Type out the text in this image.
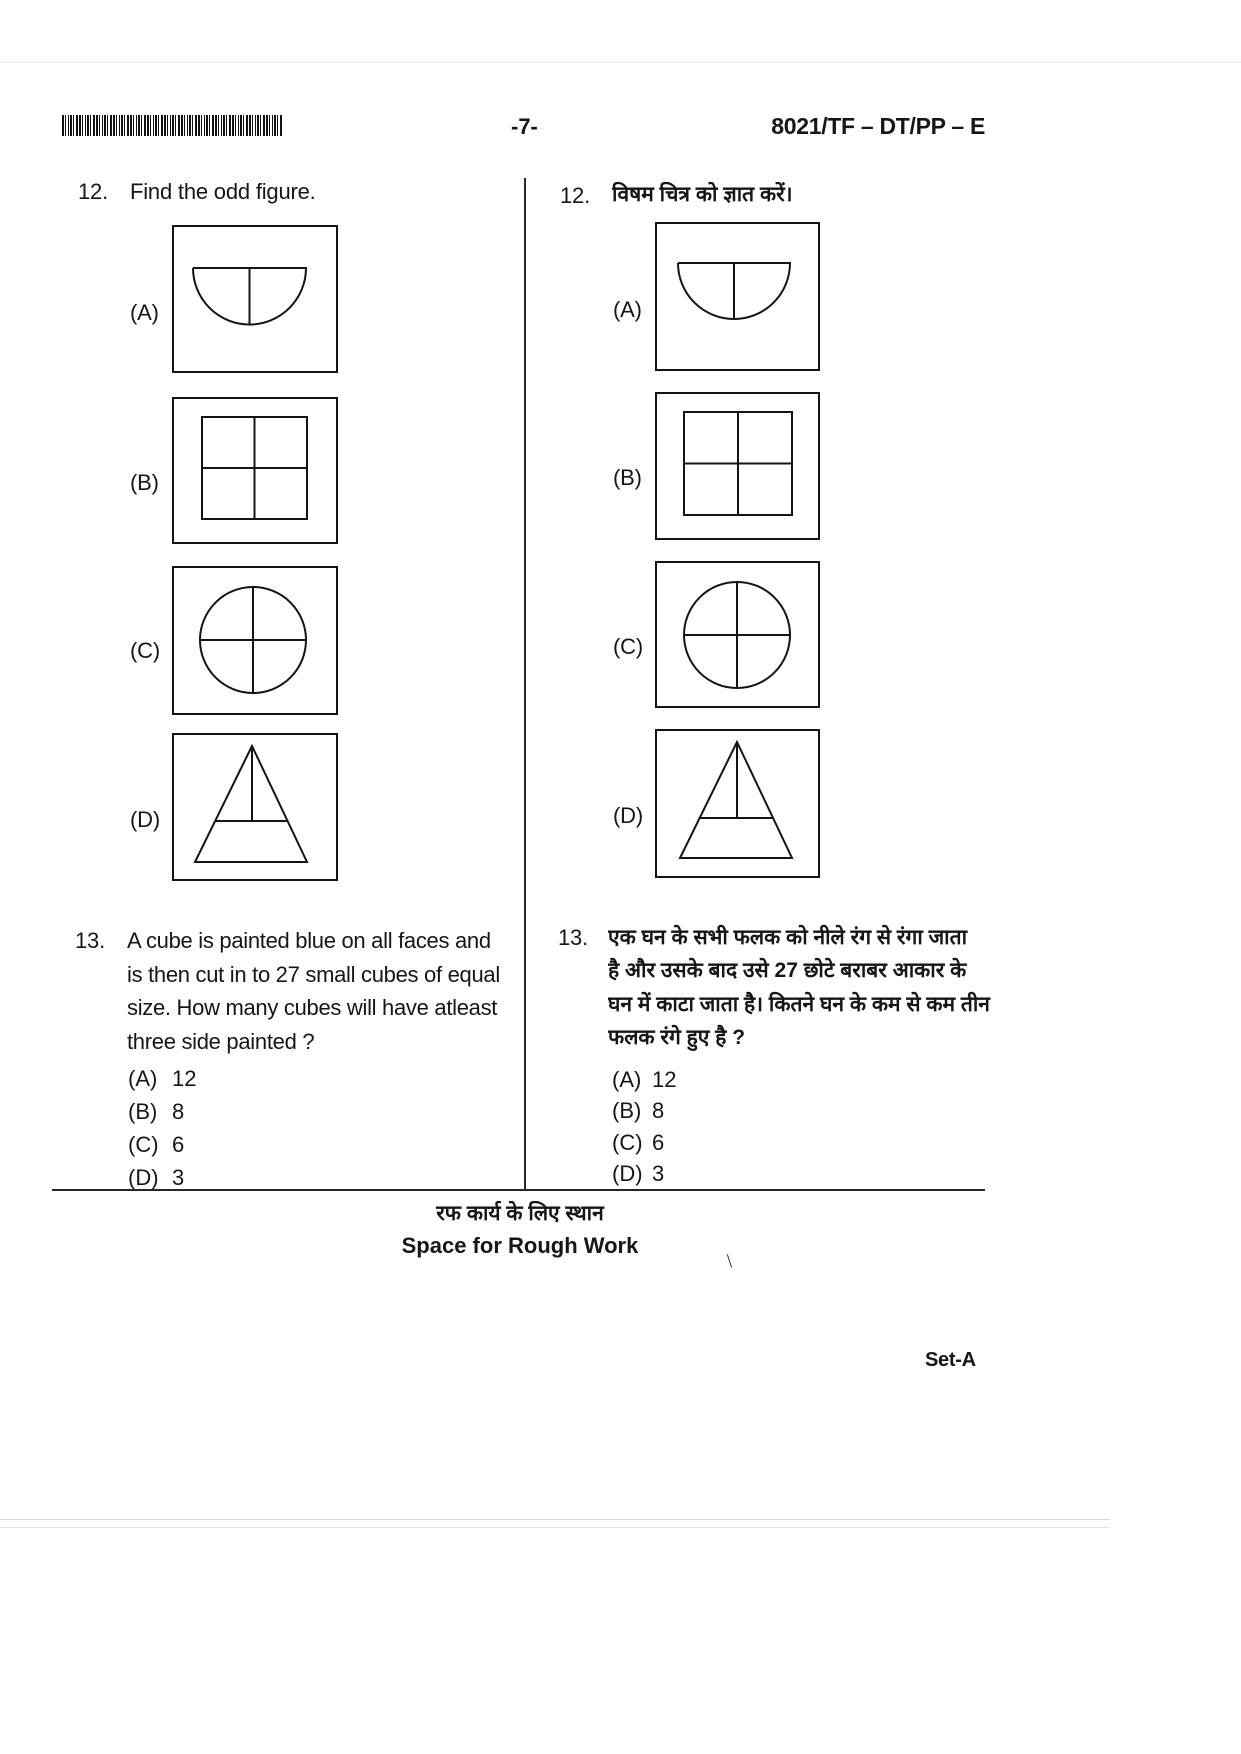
-7-	8021/TF – DT/PP – E
12. Find the odd figure.
(A)
(B)
(C)
(D)
13. A cube is painted blue on all faces and
is then cut in to 27 small cubes of equal
size. How many cubes will have atleast
three side painted ?
(A) 12
(B) 8
(C) 6
(D) 3
12. विषम चित्र को ज्ञात करें।
(A)
(B)
(C)
(D)
13. एक घन के सभी फलक को नीले रंग से रंगा जाता
है और उसके बाद उसे 27 छोटे बराबर आकार के
घन में काटा जाता है। कितने घन के कम से कम तीन
फलक रंगे हुए है ?
(A) 12
(B) 8
(C) 6
(D) 3
रफ कार्य के लिए स्थान
Space for Rough Work
Set-A
